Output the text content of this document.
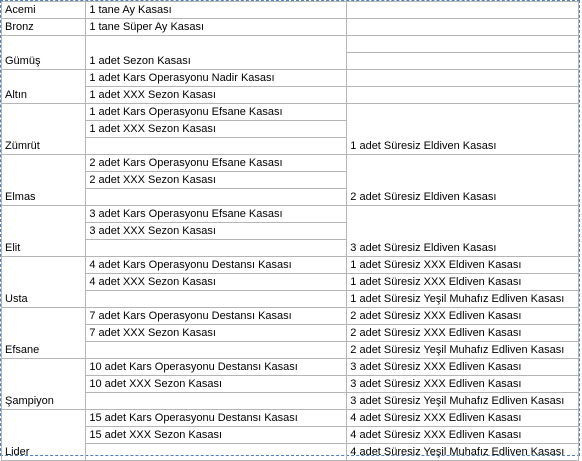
Acemi	1 tane Ay Kasası	
Bronz	1 tane Süper Ay Kasası	
Gümüş	1 adet Sezon Kasası	

Altın	1 adet Kars Operasyonu Nadir Kasası	
	1 adet XXX Sezon Kasası	
Zümrüt	1 adet Kars Operasyonu Efsane Kasası	1 adet Süresiz Eldiven Kasası
	1 adet XXX Sezon Kasası	

Elmas	2 adet Kars Operasyonu Efsane Kasası	2 adet Süresiz Eldiven Kasası
	2 adet XXX Sezon Kasası	

Elit	3 adet Kars Operasyonu Efsane Kasası	3 adet Süresiz Eldiven Kasası
	3 adet XXX Sezon Kasası	

Usta	4 adet Kars Operasyonu Destansı Kasası	1 adet Süresiz XXX Eldiven Kasası
	4 adet XXX Sezon Kasası	1 adet Süresiz XXX Eldiven Kasası
		1 adet Süresiz Yeşil Muhafız Edliven Kasası
Efsane	7 adet Kars Operasyonu Destansı Kasası	2 adet Süresiz XXX Edliven Kasası
	7 adet XXX Sezon Kasası	2 adet Süresiz XXX Edliven Kasası
		2 adet Süresiz Yeşil Muhafız Edliven Kasası
Şampiyon	10 adet Kars Operasyonu Destansı Kasası	3 adet Süresiz XXX Edliven Kasası
	10 adet XXX Sezon Kasası	3 adet Süresiz XXX Edliven Kasası
		3 adet Süresiz Yeşil Muhafız Edliven Kasası
Lider	15 adet Kars Operasyonu Destansı Kasası	4 adet Süresiz XXX Edliven Kasası
	15 adet XXX Sezon Kasası	4 adet Süresiz XXX Edliven Kasası
		4 adet Süresiz Yeşil Muhafız Edliven Kasası
